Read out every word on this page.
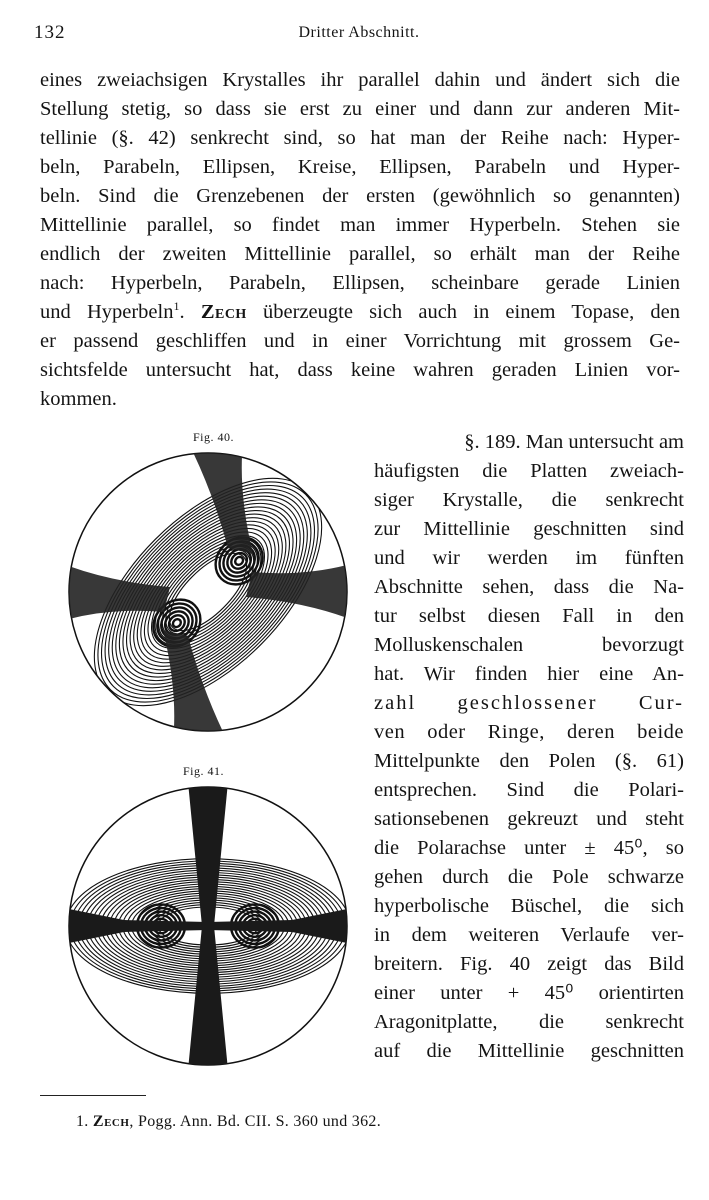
132	Dritter Abschnitt.
eines zweiachsigen Krystalles ihr parallel dahin und ändert sich die
Stellung stetig, so dass sie erst zu einer und dann zur anderen Mit-
tellinie (§. 42) senkrecht sind, so hat man der Reihe nach: Hyper-
beln, Parabeln, Ellipsen, Kreise, Ellipsen, Parabeln und Hyper-
beln. Sind die Grenzebenen der ersten (gewöhnlich so genannten)
Mittellinie parallel, so findet man immer Hyperbeln. Stehen sie
endlich der zweiten Mittellinie parallel, so erhält man der Reihe
nach: Hyperbeln, Parabeln, Ellipsen, scheinbare gerade Linien
und Hyperbeln$^1$. Zech überzeugte sich auch in einem Topase, den
er passend geschliffen und in einer Vorrichtung mit grossem Ge-
sichtsfelde untersucht hat, dass keine wahren geraden Linien vor-
kommen.
§. 189. Man untersucht am
häufigsten die Platten zweiach-
siger Krystalle, die senkrecht
zur Mittellinie geschnitten sind
und wir werden im fünften
Abschnitte sehen, dass die Na-
tur selbst diesen Fall in den
Molluskenschalen bevorzugt
hat. Wir finden hier eine An-
zahl geschlossener Cur-
ven oder Ringe, deren beide
Mittelpunkte den Polen (§. 61)
entsprechen. Sind die Polari-
sationsebenen gekreuzt und steht
die Polarachse unter ± 45⁰, so
gehen durch die Pole schwarze
hyperbolische Büschel, die sich
in dem weiteren Verlaufe ver-
breitern. Fig. 40 zeigt das Bild
einer unter + 45⁰ orientirten
Aragonitplatte, die senkrecht
auf die Mittellinie geschnitten
Fig. 40.
Fig. 41.
1. Zech, Pogg. Ann. Bd. CII. S. 360 und 362.
